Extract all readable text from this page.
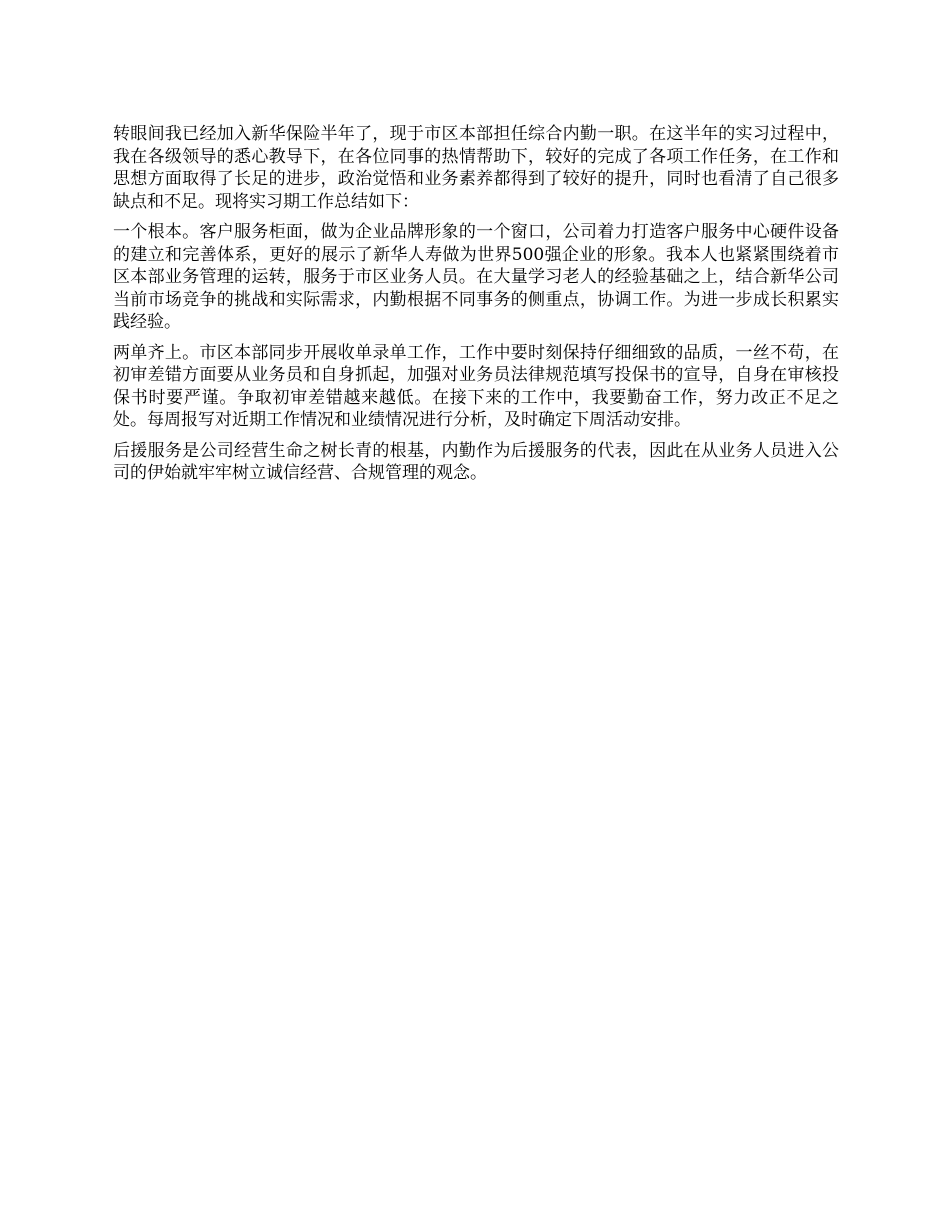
转眼间我已经加入新华保险半年了，现于市区本部担任综合内勤一职。在这半年的实习过程中，我在各级领导的悉心教导下，在各位同事的热情帮助下，较好的完成了各项工作任务，在工作和思想方面取得了长足的进步，政治觉悟和业务素养都得到了较好的提升，同时也看清了自己很多缺点和不足。现将实习期工作总结如下：

一个根本。客户服务柜面，做为企业品牌形象的一个窗口，公司着力打造客户服务中心硬件设备的建立和完善体系，更好的展示了新华人寿做为世界500强企业的形象。我本人也紧紧围绕着市区本部业务管理的运转，服务于市区业务人员。在大量学习老人的经验基础之上，结合新华公司当前市场竞争的挑战和实际需求，内勤根据不同事务的侧重点，协调工作。为进一步成长积累实践经验。

两单齐上。市区本部同步开展收单录单工作，工作中要时刻保持仔细细致的品质，一丝不苟，在初审差错方面要从业务员和自身抓起，加强对业务员法律规范填写投保书的宣导，自身在审核投保书时要严谨。争取初审差错越来越低。在接下来的工作中，我要勤奋工作，努力改正不足之处。每周报写对近期工作情况和业绩情况进行分析，及时确定下周活动安排。

后援服务是公司经营生命之树长青的根基，内勤作为后援服务的代表，因此在从业务人员进入公司的伊始就牢牢树立诚信经营、合规管理的观念。
